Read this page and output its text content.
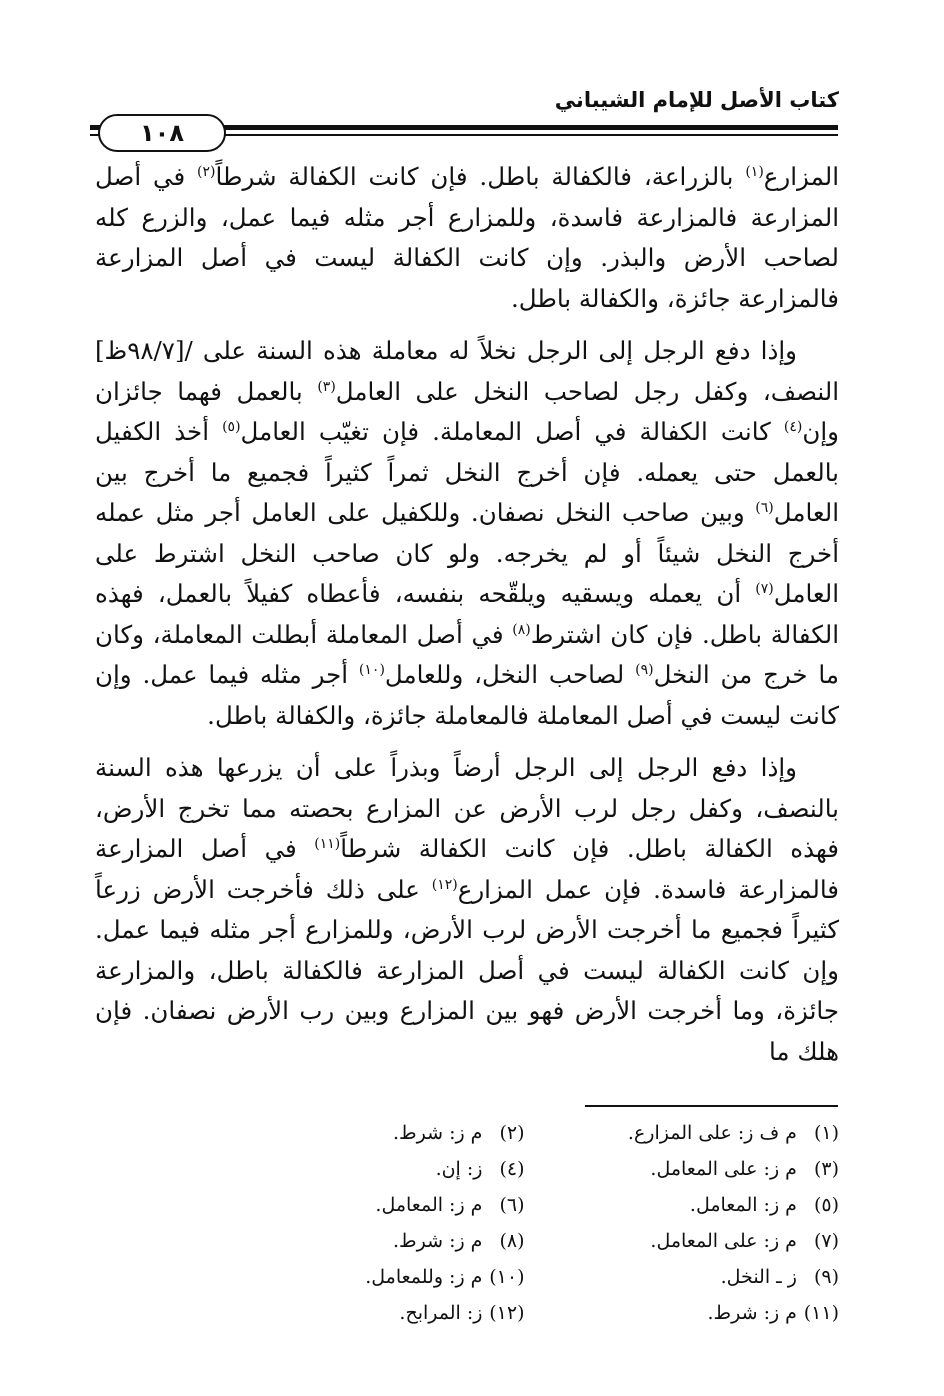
كتاب الأصل للإمام الشيباني
١٠٨

المزارع$^{(١)}$ بالزراعة، فالكفالة باطل. فإن كانت الكفالة شرطاً$^{(٢)}$ في أصل المزارعة فالمزارعة فاسدة، وللمزارع أجر مثله فيما عمل، والزرع كله لصاحب الأرض والبذر. وإن كانت الكفالة ليست في أصل المزارعة فالمزارعة جائزة، والكفالة باطل.

وإذا دفع الرجل إلى الرجل نخلاً له معاملة هذه السنة على /[٩٨/٧ظ] النصف، وكفل رجل لصاحب النخل على العامل$^{(٣)}$ بالعمل فهما جائزان وإن$^{(٤)}$ كانت الكفالة في أصل المعاملة. فإن تغيّب العامل$^{(٥)}$ أخذ الكفيل بالعمل حتى يعمله. فإن أخرج النخل ثمراً كثيراً فجميع ما أخرج بين العامل$^{(٦)}$ وبين صاحب النخل نصفان. وللكفيل على العامل أجر مثل عمله أخرج النخل شيئاً أو لم يخرجه. ولو كان صاحب النخل اشترط على العامل$^{(٧)}$ أن يعمله ويسقيه ويلقّحه بنفسه، فأعطاه كفيلاً بالعمل، فهذه الكفالة باطل. فإن كان اشترط$^{(٨)}$ في أصل المعاملة أبطلت المعاملة، وكان ما خرج من النخل$^{(٩)}$ لصاحب النخل، وللعامل$^{(١٠)}$ أجر مثله فيما عمل. وإن كانت ليست في أصل المعاملة فالمعاملة جائزة، والكفالة باطل.

وإذا دفع الرجل إلى الرجل أرضاً وبذراً على أن يزرعها هذه السنة بالنصف، وكفل رجل لرب الأرض عن المزارع بحصته مما تخرج الأرض، فهذه الكفالة باطل. فإن كانت الكفالة شرطاً$^{(١١)}$ في أصل المزارعة فالمزارعة فاسدة. فإن عمل المزارع$^{(١٢)}$ على ذلك فأخرجت الأرض زرعاً كثيراً فجميع ما أخرجت الأرض لرب الأرض، وللمزارع أجر مثله فيما عمل. وإن كانت الكفالة ليست في أصل المزارعة فالكفالة باطل، والمزارعة جائزة، وما أخرجت الأرض فهو بين المزارع وبين رب الأرض نصفان. فإن هلك ما

(١) م ف ز: على المزارع.
(٢) م ز: شرط.
(٣) م ز: على المعامل.
(٤) ز: إن.
(٥) م ز: المعامل.
(٦) م ز: المعامل.
(٧) م ز: على المعامل.
(٨) م ز: شرط.
(٩) ز ـ النخل.
(١٠) م ز: وللمعامل.
(١١) م ز: شرط.
(١٢) ز: المرابح.
